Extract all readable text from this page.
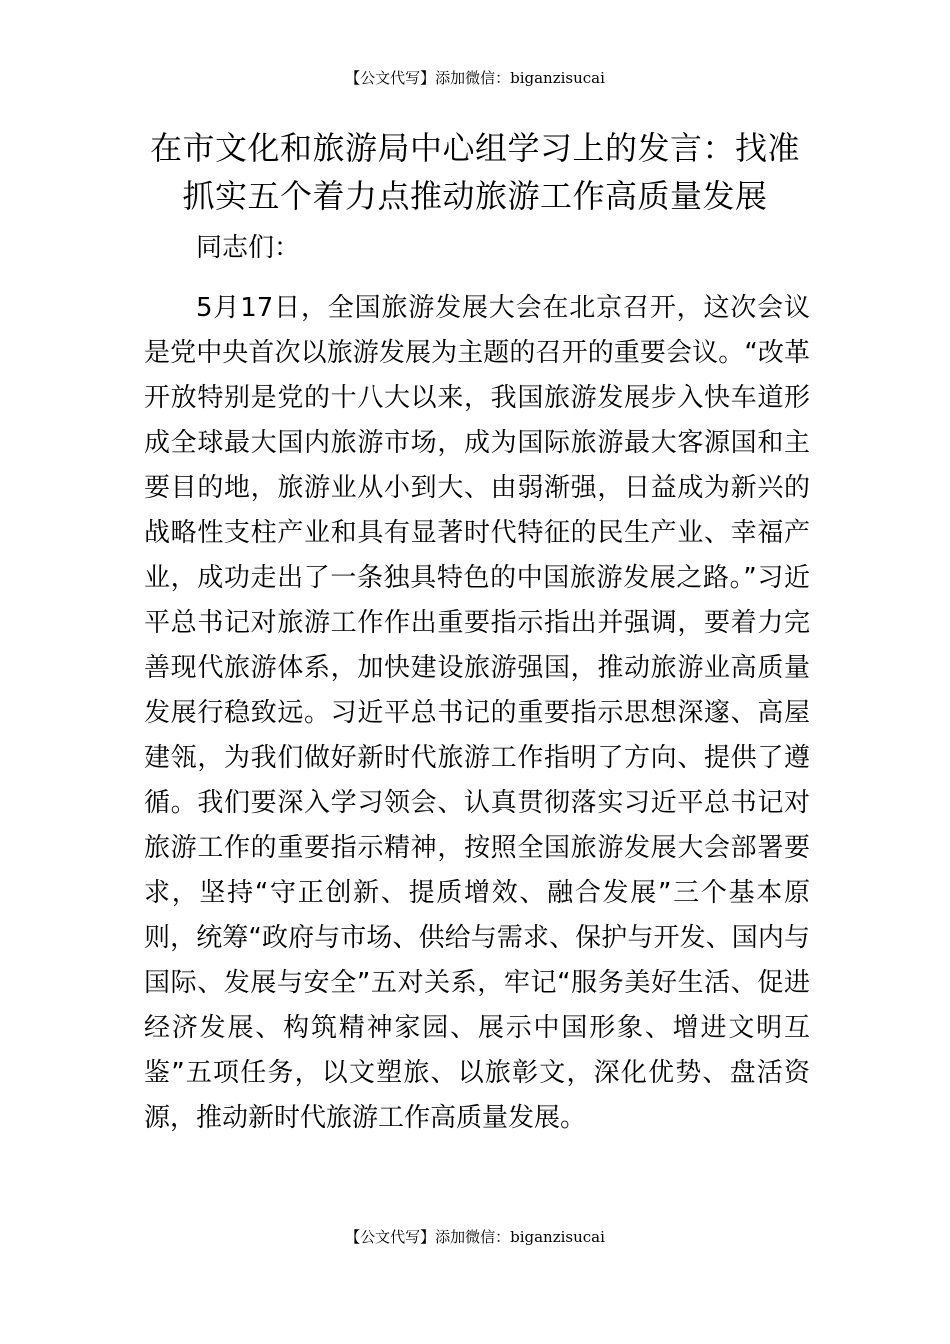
【公文代写】添加微信：biganzisucai
在市文化和旅游局中心组学习上的发言：找准抓实五个着力点推动旅游工作高质量发展

同志们：

5月17日，全国旅游发展大会在北京召开，这次会议是党中央首次以旅游发展为主题的召开的重要会议。“改革开放特别是党的十八大以来，我国旅游发展步入快车道形成全球最大国内旅游市场，成为国际旅游最大客源国和主要目的地，旅游业从小到大、由弱渐强，日益成为新兴的战略性支柱产业和具有显著时代特征的民生产业、幸福产业，成功走出了一条独具特色的中国旅游发展之路。”习近平总书记对旅游工作作出重要指示指出并强调，要着力完善现代旅游体系，加快建设旅游强国，推动旅游业高质量发展行稳致远。习近平总书记的重要指示思想深邃、高屋建瓴，为我们做好新时代旅游工作指明了方向、提供了遵循。我们要深入学习领会、认真贯彻落实习近平总书记对旅游工作的重要指示精神，按照全国旅游发展大会部署要求，坚持“守正创新、提质增效、融合发展”三个基本原则，统筹“政府与市场、供给与需求、保护与开发、国内与国际、发展与安全”五对关系，牢记“服务美好生活、促进经济发展、构筑精神家园、展示中国形象、增进文明互鉴”五项任务，以文塑旅、以旅彰文，深化优势、盘活资源，推动新时代旅游工作高质量发展。

【公文代写】添加微信：biganzisucai
